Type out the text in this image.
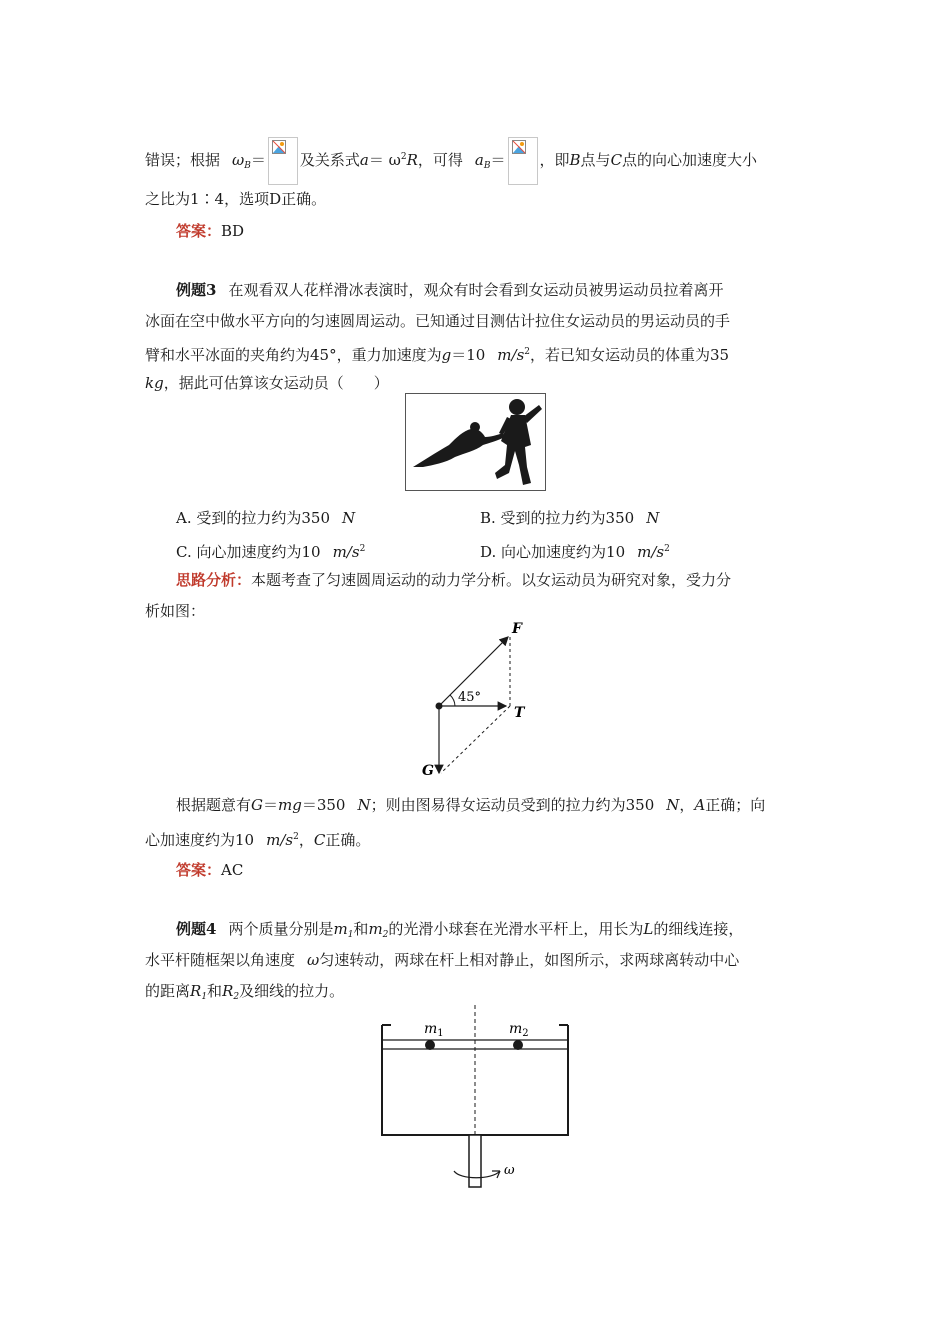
错误；根据 $\omega_B=$ 及关系式$a= \omega^2R$，可得 $a_B=$ ，即B点与C点的向心加速度大小
之比为1∶4，选项D正确。
答案：BD
例题3 在观看双人花样滑冰表演时，观众有时会看到女运动员被男运动员拉着离开
冰面在空中做水平方向的匀速圆周运动。已知通过目测估计拉住女运动员的男运动员的手
臂和水平冰面的夹角约为45°，重力加速度为g＝10 $m/s^2$，若已知女运动员的体重为35
kg，据此可估算该女运动员（　　）
A. 受到的拉力约为350 N	B. 受到的拉力约为350 N
C. 向心加速度约为10 $m/s^2$	D. 向心加速度约为10 $m/s^2$
思路分析：本题考查了匀速圆周运动的动力学分析。以女运动员为研究对象，受力分
析如图：
F
T
G
45°
根据题意有G＝mg＝350 N；则由图易得女运动员受到的拉力约为350 N，A正确；向
心加速度约为10 $m/s^2$，C正确。
答案：AC
例题4 两个质量分别是$m_1$和$m_2$的光滑小球套在光滑水平杆上，用长为L的细线连接，
水平杆随框架以角速度 ω匀速转动，两球在杆上相对静止，如图所示，求两球离转动中心
的距离$R_1$和$R_2$及细线的拉力。
$m_1$	$m_2$
ω
